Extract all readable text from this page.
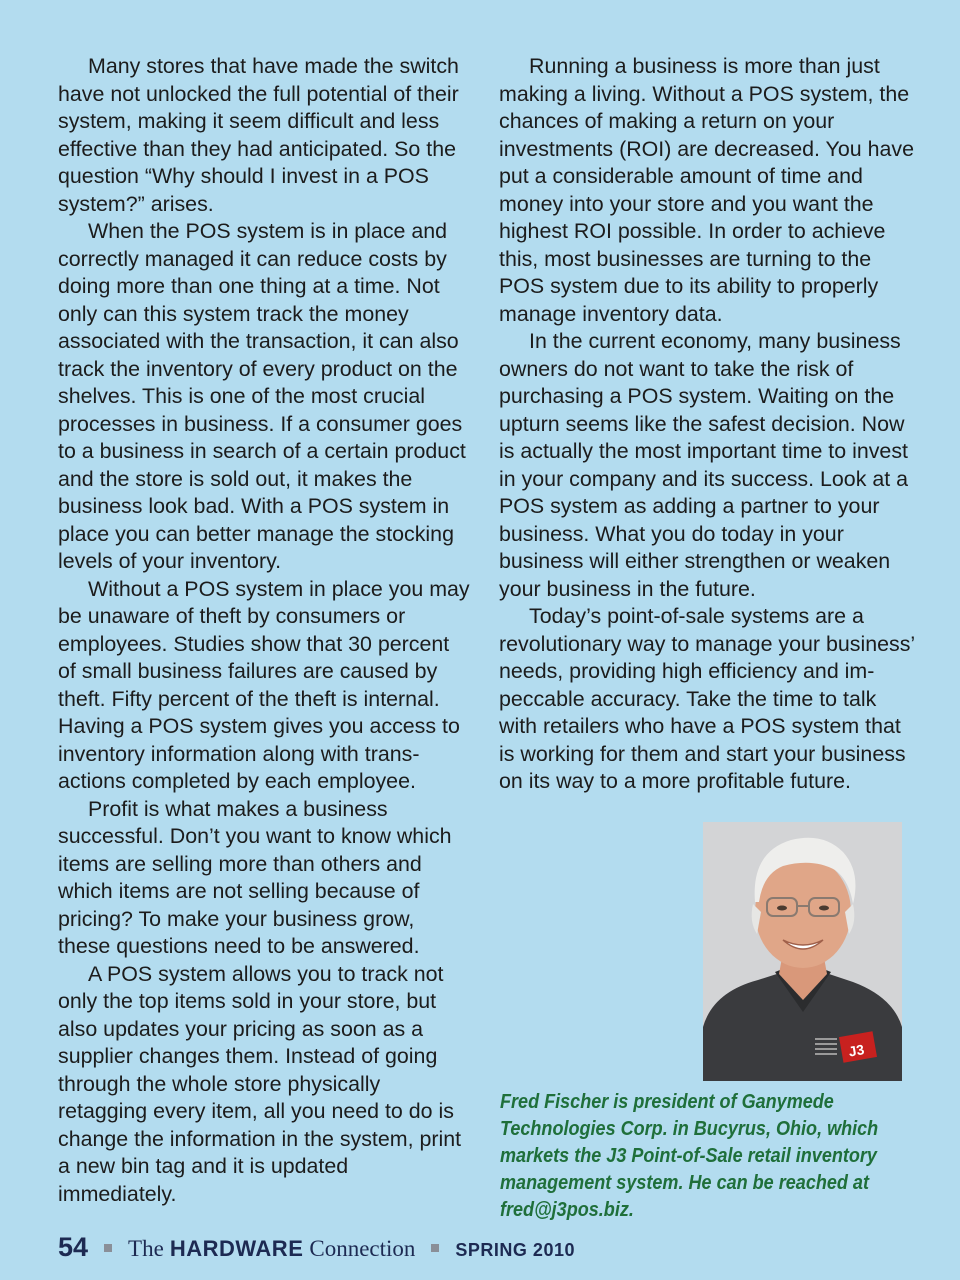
Many stores that have made the switch have not unlocked the full potential of their system, making it seem difficult and less effective than they had anticipated. So the question “Why should I invest in a POS system?” arises.

When the POS system is in place and correctly managed it can reduce costs by doing more than one thing at a time. Not only can this system track the money associated with the transaction, it can also track the inventory of every product on the shelves. This is one of the most crucial processes in business. If a consumer goes to a business in search of a certain product and the store is sold out, it makes the business look bad. With a POS system in place you can better manage the stocking levels of your inventory.

Without a POS system in place you may be unaware of theft by consumers or employees. Studies show that 30 percent of small business failures are caused by theft. Fifty percent of the theft is internal. Having a POS system gives you access to inventory information along with transactions completed by each employee.

Profit is what makes a business successful. Don’t you want to know which items are selling more than others and which items are not selling because of pricing? To make your business grow, these questions need to be answered.

A POS system allows you to track not only the top items sold in your store, but also updates your pricing as soon as a supplier changes them. Instead of going through the whole store physically retagging every item, all you need to do is change the information in the system, print a new bin tag and it is updated immediately.

Running a business is more than just making a living. Without a POS system, the chances of making a return on your investments (ROI) are decreased. You have put a considerable amount of time and money into your store and you want the highest ROI possible. In order to achieve this, most businesses are turning to the POS system due to its ability to properly manage inventory data.

In the current economy, many business owners do not want to take the risk of purchasing a POS system. Waiting on the upturn seems like the safest decision. Now is actually the most important time to invest in your company and its success. Look at a POS system as adding a partner to your business. What you do today in your business will either strengthen or weaken your business in the future.

Today’s point-of-sale systems are a revolutionary way to manage your business’ needs, providing high efficiency and impeccable accuracy. Take the time to talk with retailers who have a POS system that is working for them and start your business on its way to a more profitable future.

J3
Fred Fischer is president of Ganymede
Technologies Corp. in Bucyrus, Ohio, which
markets the J3 Point-of-Sale retail inventory
management system. He can be reached at
fred@j3pos.biz.
54 The HARDWARE Connection SPRING 2010
